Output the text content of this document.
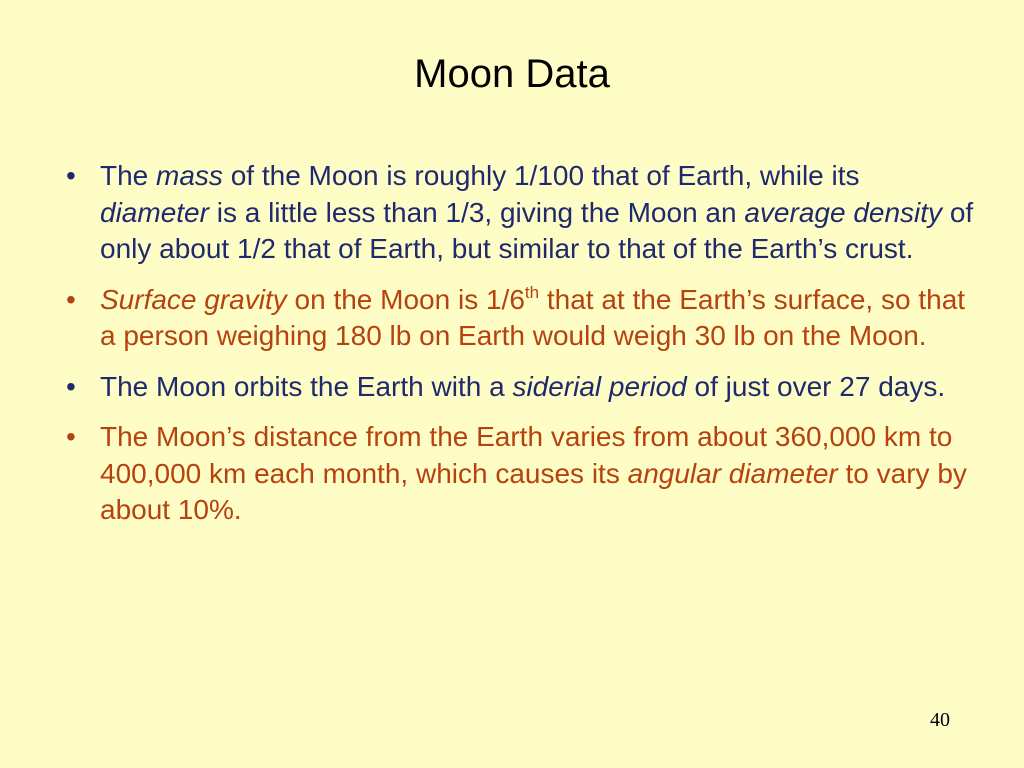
Moon Data
• The mass of the Moon is roughly 1/100 that of Earth, while its diameter is a little less than 1/3, giving the Moon an average density of only about 1/2 that of Earth, but similar to that of the Earth’s crust.
• Surface gravity on the Moon is 1/6th that at the Earth’s surface, so that a person weighing 180 lb on Earth would weigh 30 lb on the Moon.
• The Moon orbits the Earth with a siderial period of just over 27 days.
• The Moon’s distance from the Earth varies from about 360,000 km to 400,000 km each month, which causes its angular diameter to vary by about 10%.
40
